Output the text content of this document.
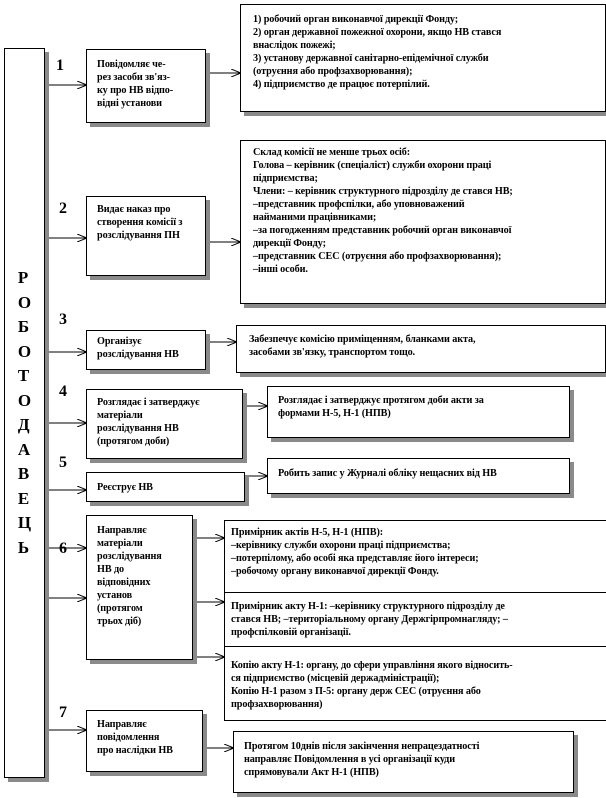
Р
О
Б
О
Т
О
Д
А
В
Е
Ц
Ь
1
2
3
4
5
6
7
Повідомляє че-
рез засоби зв'яз-
ку про НВ відпо-
відні установи
Видає наказ про
створення комісії з
розслідування ПН
Організує
розслідування НВ
Розглядає і затверджує
матеріали
розслідування НВ
(протягом доби)
Реєструє НВ
Направляє
матеріали
розслідування
НВ до
відповідних
установ
(протягом
трьох діб)
Направляє
повідомлення
про наслідки НВ
1) робочий орган виконавчої дирекції Фонду;
2) орган державної пожежної охорони, якщо НВ стався
внаслідок пожежі;
3) установу державної санітарно-епідемічної служби
(отруєння або профзахворювання);
4) підприємство де працює потерпілий.
Склад комісії не менше трьох осіб:
Голова – керівник (спеціаліст) служби охорони праці
підприємства;
Члени: – керівник структурного підрозділу де стався НВ;
–представник профспілки, або уповноважений
найманими працівниками;
–за погодженням представник робочий орган виконавчої
дирекції Фонду;
–представник СЕС (отруєння або профзахворювання);
–інші особи.
Забезпечує комісію приміщенням, бланками акта,
засобами зв'язку, транспортом тощо.
Розглядає і затверджує протягом доби акти за
формами Н-5, Н-1 (НПВ)
Робить запис у Журналі обліку нещасних від НВ
Примірник актів Н-5, Н-1 (НПВ):
–керівнику служби охорони праці підприємства;
–потерпілому, або особі яка представляє його інтереси;
–робочому органу виконавчої дирекції Фонду.
Примірник акту Н-1: –керівнику структурного підрозділу де
стався НВ; –територіальному органу Держгірпромнагляду; –
профспілковій організації.
Копію акту Н-1: органу, до сфери управління якого відносить-
ся підприємство (місцевій держадміністрації);
Копію Н-1 разом з П-5: органу держ СЕС (отруєння або
профзахворювання)
Протягом 10днів після закінчення непрацездатності
направляє Повідомлення в усі організації куди
спрямовували Акт Н-1 (НПВ)
